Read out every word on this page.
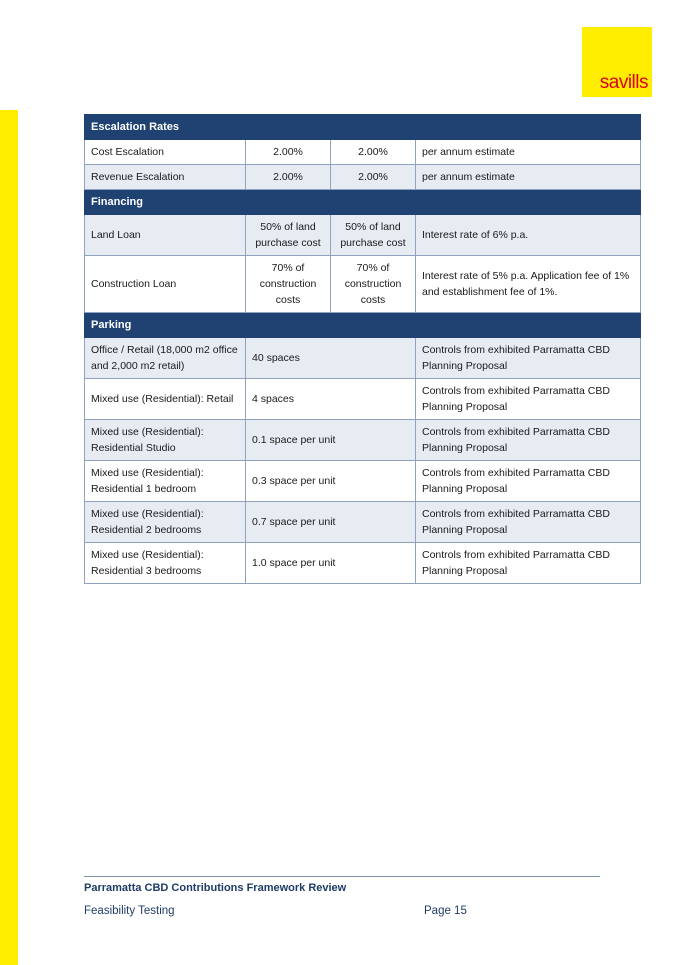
savills
Escalation Rates			
Cost Escalation	2.00%	2.00%	per annum estimate
Revenue Escalation	2.00%	2.00%	per annum estimate
Financing			
Land Loan	50% of land purchase cost	50% of land purchase cost	Interest rate of 6% p.a.
Construction Loan	70% of construction costs	70% of construction costs	Interest rate of 5% p.a. Application fee of 1% and establishment fee of 1%.
Parking			
Office / Retail (18,000 m2 office and 2,000 m2 retail)	40 spaces		Controls from exhibited Parramatta CBD Planning Proposal
Mixed use (Residential): Retail	4 spaces		Controls from exhibited Parramatta CBD Planning Proposal
Mixed use (Residential): Residential Studio	0.1 space per unit		Controls from exhibited Parramatta CBD Planning Proposal
Mixed use (Residential): Residential 1 bedroom	0.3 space per unit		Controls from exhibited Parramatta CBD Planning Proposal
Mixed use (Residential): Residential 2 bedrooms	0.7 space per unit		Controls from exhibited Parramatta CBD Planning Proposal
Mixed use (Residential): Residential 3 bedrooms	1.0 space per unit		Controls from exhibited Parramatta CBD Planning Proposal
Parramatta CBD Contributions Framework Review
Feasibility Testing	Page 15
